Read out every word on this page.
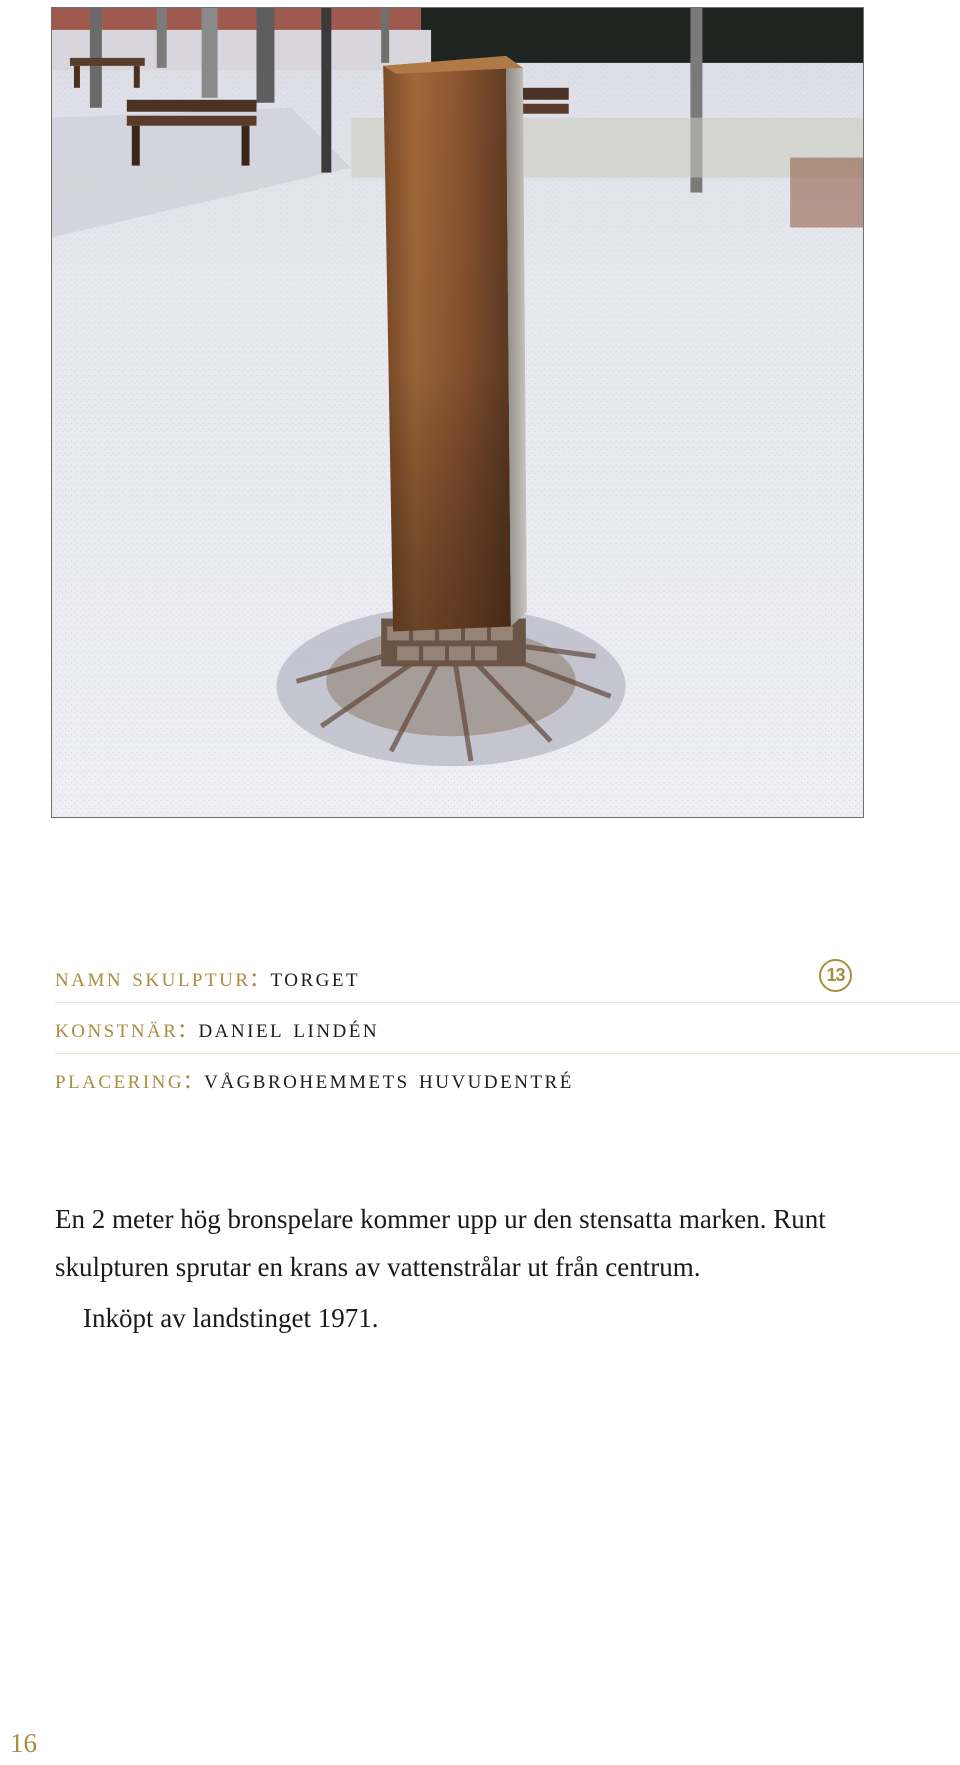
namn skulptur: torget	13
konstnär: daniel lindén
placering: vågbrohemmets huvudentré

En 2 meter hög bronspelare kommer upp ur den stensatta marken. Runt skulpturen sprutar en krans av vattenstrålar ut från centrum.

Inköpt av landstinget 1971.

16
